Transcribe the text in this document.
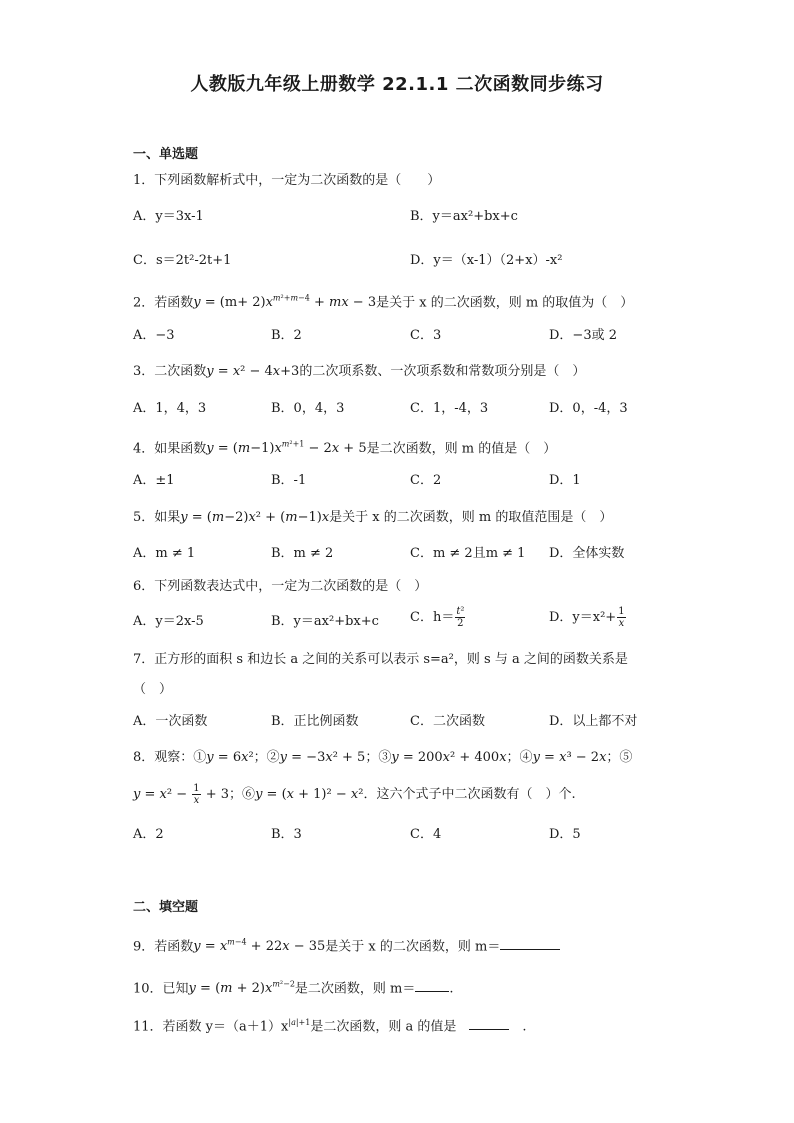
人教版九年级上册数学 22.1.1 二次函数同步练习
一、单选题
1．下列函数解析式中，一定为二次函数的是（　　）
A．y＝3x-1	B．y＝ax²+bx+c
C．s＝2t²-2t+1	D．y＝（x-1）（2+x）-x²
2．若函数$y = (m+ 2)x^{m^2+m-4}$ + mx − 3是关于 x 的二次函数，则 m 的取值为（　）
A．−3	B．2	C．3	D．−3或 2
3．二次函数y = x² − 4x+3的二次项系数、一次项系数和常数项分别是（　）
A．1，4，3	B．0，4，3	C．1，-4，3	D．0，-4，3
4．如果函数$y = (m-1)x^{m^2+1} - 2x + 5$是二次函数，则 m 的值是（　）
A．±1	B．-1	C．2	D．1
5．如果y = (m−2)x² + (m−1)x是关于 x 的二次函数，则 m 的取值范围是（　）
A．m ≠ 1	B．m ≠ 2	C．m ≠ 2且m ≠ 1 D．全体实数
6．下列函数表达式中，一定为二次函数的是（　）
A．y＝2x-5	B．y＝ax²+bx+c C．$h= \frac{\text{t²}}{2}$	D．$y=x^2+ \frac{1}{x}$
7．正方形的面积 s 和边长 a 之间的关系可以表示 s=a²，则 s 与 a 之间的函数关系是
（　）
A．一次函数	B．正比例函数	C．二次函数	D．以上都不对
8．观察：①y = 6x²；②y = −3x² + 5；③y = 200x² + 400x；④y = x³ − 2x；⑤
$y = x^2 - \frac{1}{x} + 3$；⑥y = (x + 1)² − x²．这六个式子中二次函数有（　）个.
A．2	B．3	C．4	D．5
二、填空题
9．若函数$y = x^{m-4} + 22x - 35$是关于 x 的二次函数，则 m＝
10．已知$y = (m + 2)x^{m^2-2}$是二次函数，则 m＝	.
11．若函数 $y=(a+1)x^{|a|+1}$是二次函数，则 a 的值是　	　.
